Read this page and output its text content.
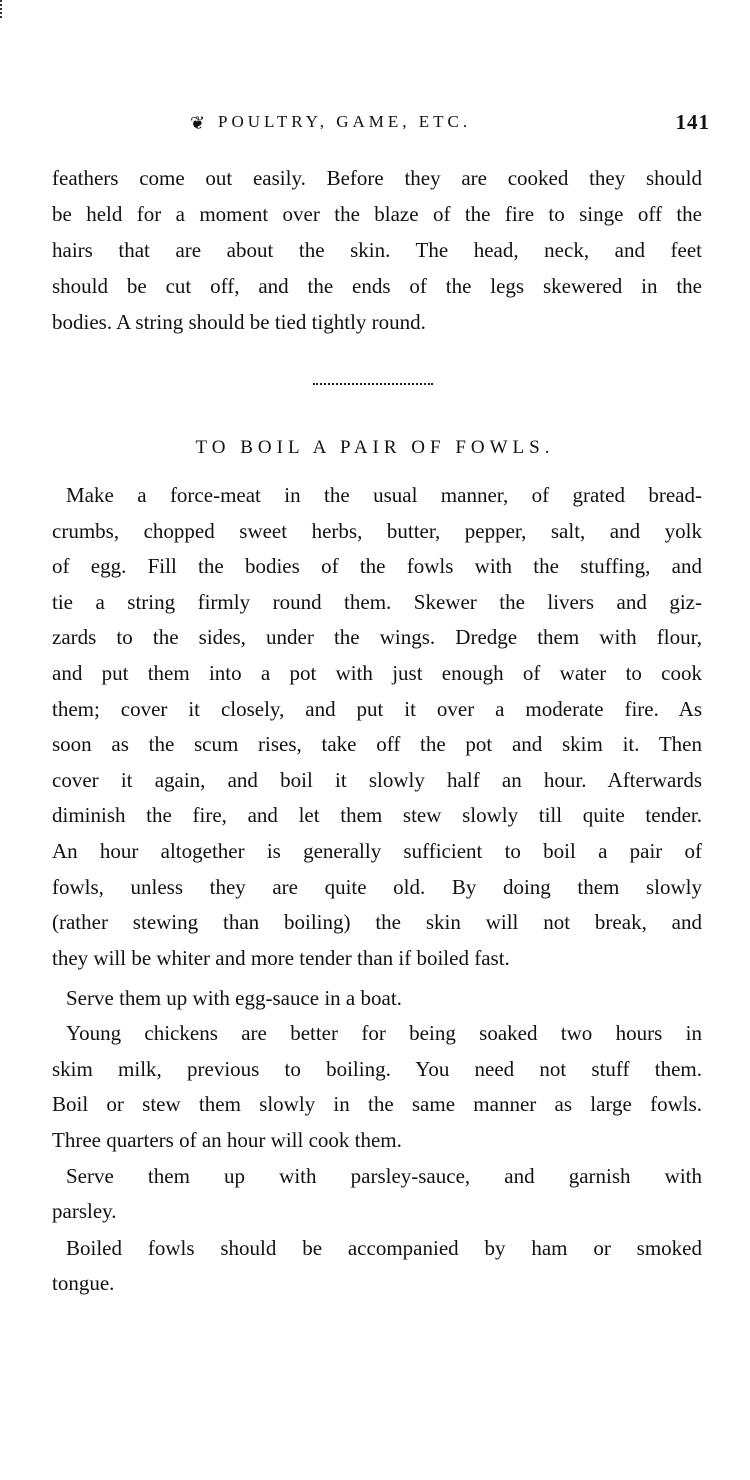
❦ POULTRY, GAME, ETC.	141
feathers come out easily. Before they are cooked they should
be held for a moment over the blaze of the fire to singe off the
hairs that are about the skin. The head, neck, and feet
should be cut off, and the ends of the legs skewered in the
bodies. A string should be tied tightly round.
TO BOIL A PAIR OF FOWLS.
Make a force-meat in the usual manner, of grated bread-
crumbs, chopped sweet herbs, butter, pepper, salt, and yolk
of egg. Fill the bodies of the fowls with the stuffing, and
tie a string firmly round them. Skewer the livers and giz-
zards to the sides, under the wings. Dredge them with flour,
and put them into a pot with just enough of water to cook
them; cover it closely, and put it over a moderate fire. As
soon as the scum rises, take off the pot and skim it. Then
cover it again, and boil it slowly half an hour. Afterwards
diminish the fire, and let them stew slowly till quite tender.
An hour altogether is generally sufficient to boil a pair of
fowls, unless they are quite old. By doing them slowly
(rather stewing than boiling) the skin will not break, and
they will be whiter and more tender than if boiled fast.
Serve them up with egg-sauce in a boat.
Young chickens are better for being soaked two hours in
skim milk, previous to boiling. You need not stuff them.
Boil or stew them slowly in the same manner as large fowls.
Three quarters of an hour will cook them.
Serve them up with parsley-sauce, and garnish with
parsley.
Boiled fowls should be accompanied by ham or smoked
tongue.
